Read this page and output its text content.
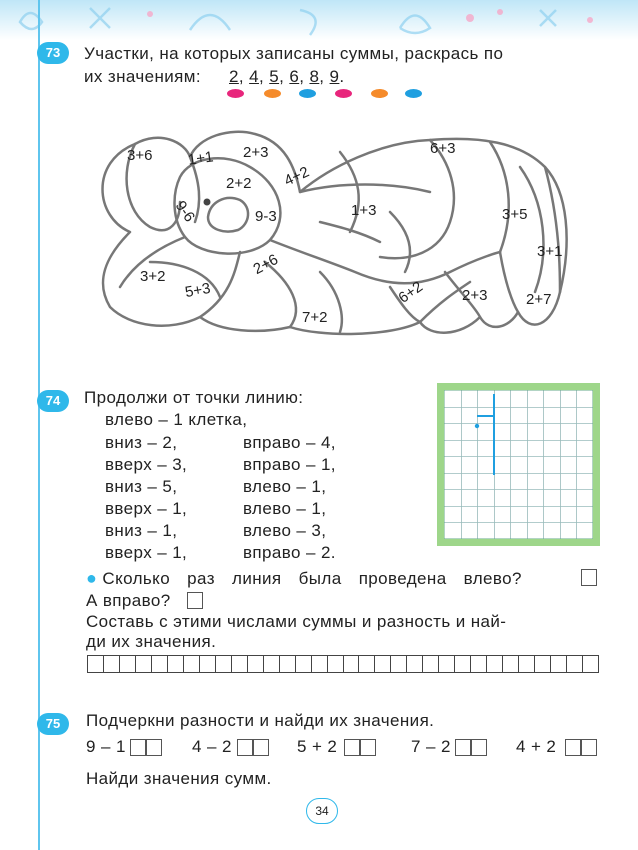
73	Участки, на которых записаны суммы, раскрась по
их значениям: 2, 4, 5, 6, 8, 9.
3+6 1+1 2+3	6+3
2+2 4+2
9-6	9-3	1+3	3+5
3+1
3+2	2+6
5+3	6+2 2+3	2+7
7+2
74	Продолжи от точки линию:
влево – 1 клетка,
вниз – 2,	вправо – 4,
вверх – 3,	вправо – 1,
вниз – 5,	влево – 1,
вверх – 1,	влево – 1,
вниз – 1,	влево – 3,
вверх – 1,	вправо – 2.
● Сколько раз линия была проведена влево?
А вправо?
Составь с этими числами суммы и разность и най-
ди их значения.
75	Подчеркни разности и найди их значения.
9 – 1	4 – 2	5 + 2	7 – 2	4 + 2
Найди значения сумм.
34
